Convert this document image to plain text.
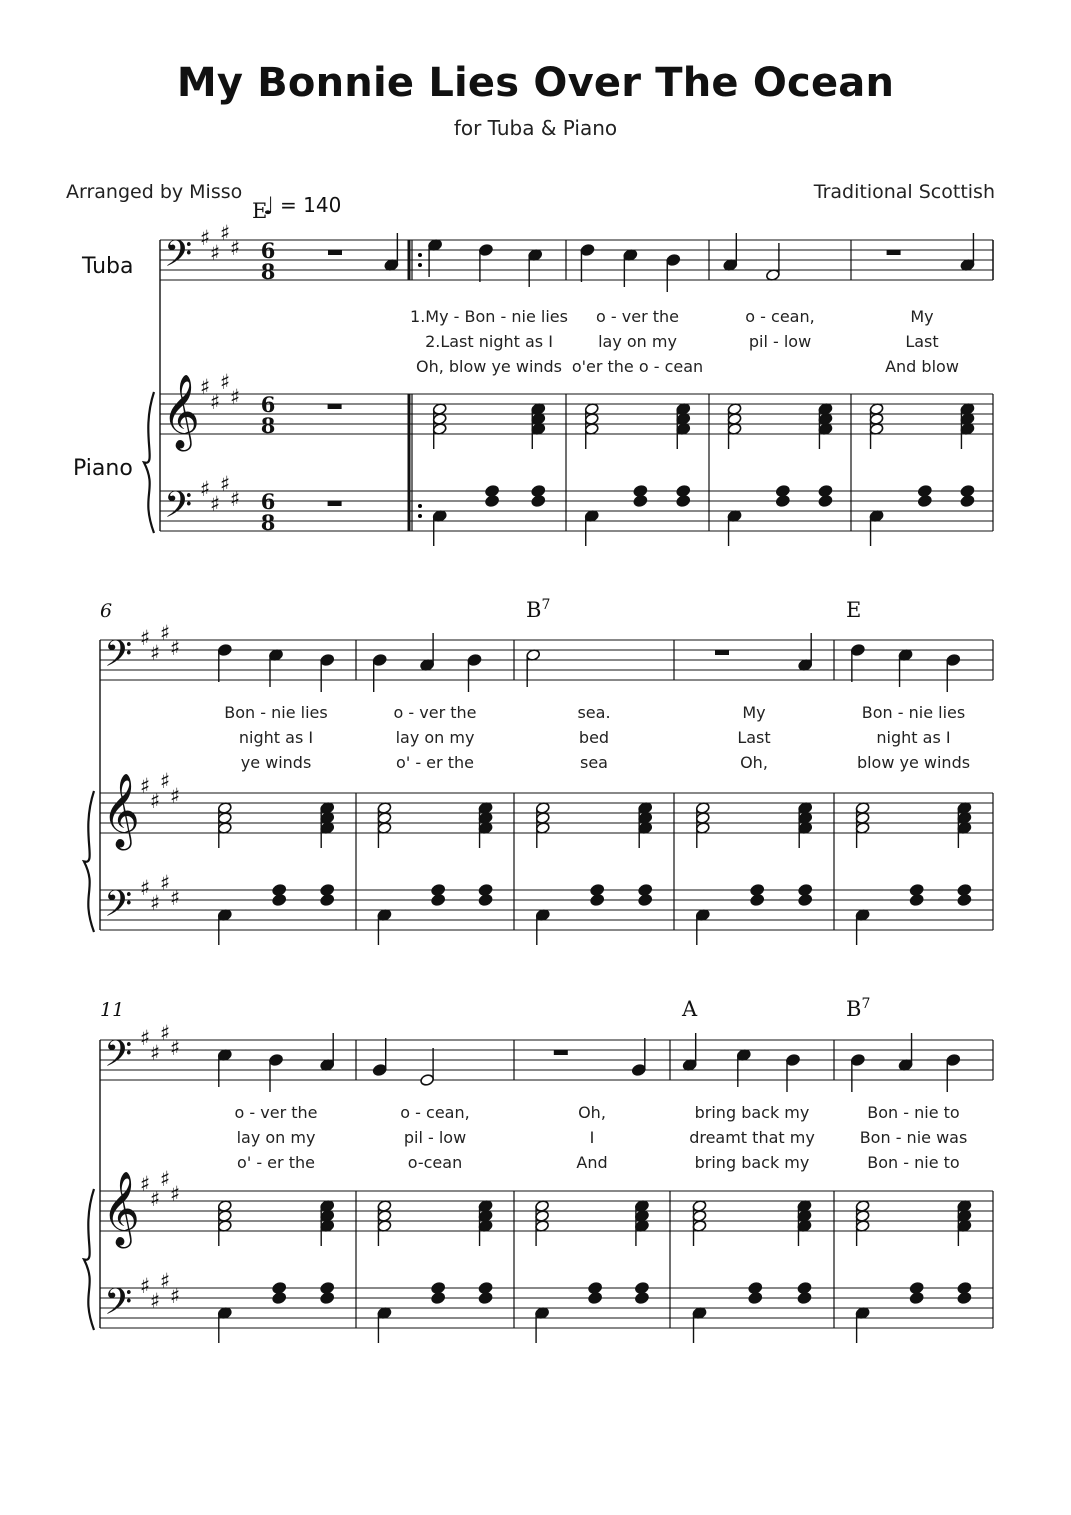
My Bonnie Lies Over The Ocean
for Tuba & Piano
Arranged by Misso	Traditional Scottish
= 140
Tuba
Piano
𝄢
𝄞
𝄢
♯
♯
♯
♯
♯
♯
♯
♯
♯
♯
♯
♯
6
8
6
8
6
8
E
1.My - Bon - nie lies o - ver the	o - cean,	My
2.Last night as I	lay on my	pil - low	Last
Oh, blow ye winds o'er the o - cean	And blow
6
𝄢
𝄞
𝄢
♯
♯
♯
♯
♯
♯
♯
♯
♯
♯
♯
♯
$B^7$	E
Bon - nie lies	o - ver the	sea.	My	Bon - nie lies
night as I	lay on my	bed	Last	night as I
ye winds	o' - er the	sea	Oh,	blow ye winds
11
𝄢
𝄞
𝄢
♯
♯
♯
♯
♯
♯
♯
♯
♯
♯
♯
♯
A	$B^7$
o - ver the	o - cean,	Oh,	bring back my	Bon - nie to
lay on my	pil - low	I	dreamt that my	Bon - nie was
o' - er the	o-cean	And	bring back my	Bon - nie to
♩
